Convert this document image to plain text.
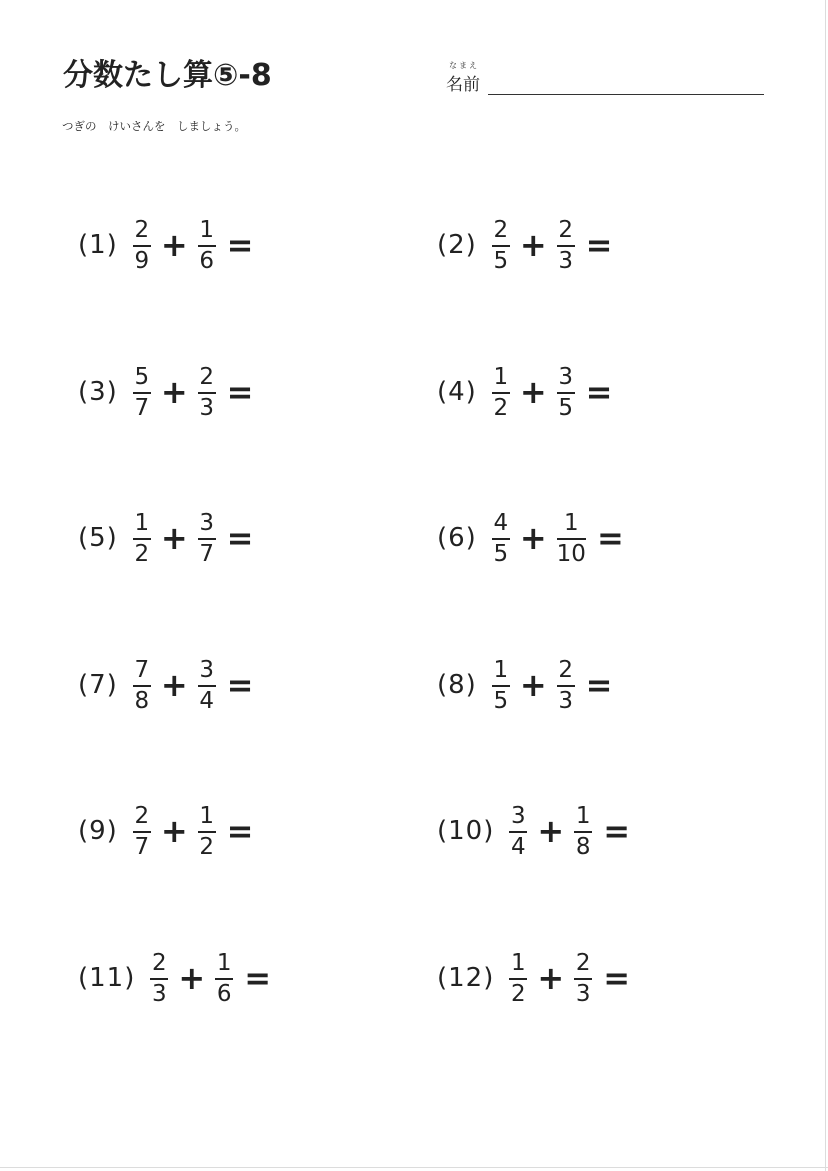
分数たし算⑤-8	なまえ
名前
つぎの　けいさんを　しましょう。
$(1) \frac{2}{9} + \frac{1}{6}$ =	$(2) \frac{2}{5} + \frac{2}{3}$ =
$(3) \frac{5}{7} + \frac{2}{3}$ =	$(4) \frac{1}{2} + \frac{3}{5}$ =
$(5) \frac{1}{2} + \frac{3}{7}$ =	$(6) \frac{4}{5} + \frac{1}{10}$ =
$(7) \frac{7}{8} + \frac{3}{4}$ =	$(8) \frac{1}{5} + \frac{2}{3}$ =
$(9) \frac{2}{7} + \frac{1}{2}$ =	$(10) \frac{3}{4} + \frac{1}{8}$ =
$(11) \frac{2}{3} + \frac{1}{6}$ =	$(12) \frac{1}{2} + \frac{2}{3}$ =
